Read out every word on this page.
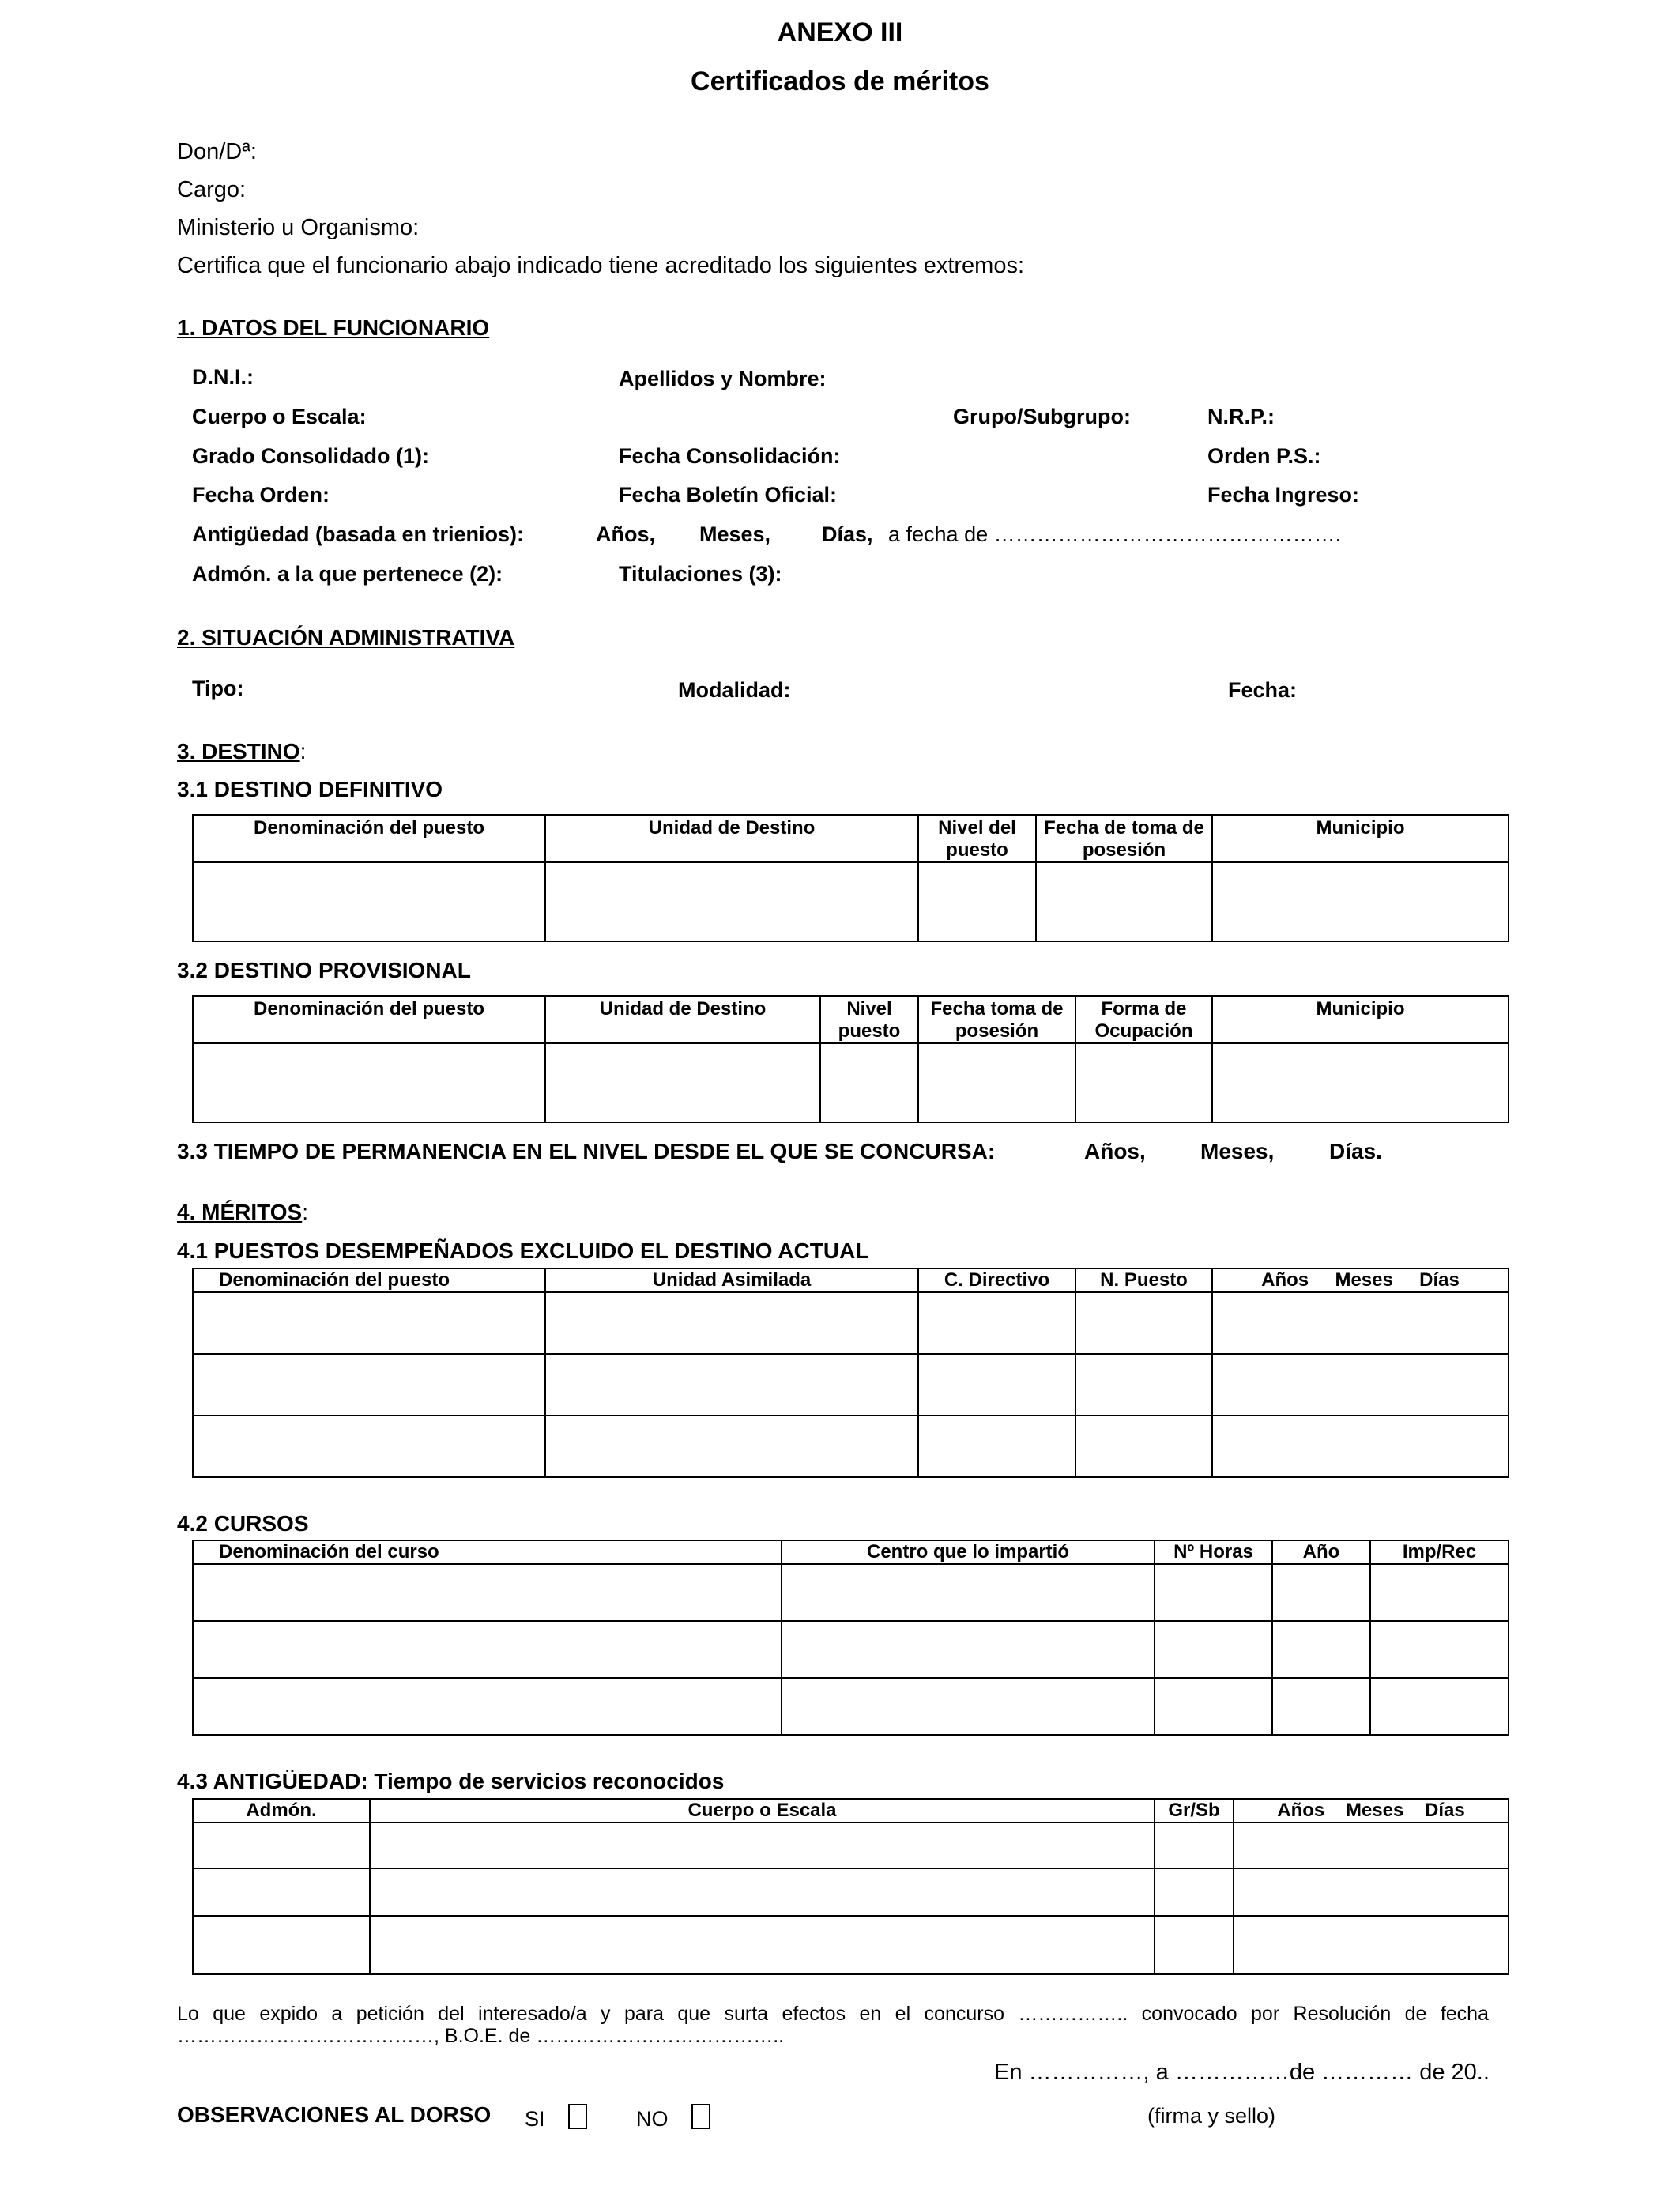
ANEXO III
Certificados de méritos
Don/Dª:
Cargo:
Ministerio u Organismo:
Certifica que el funcionario abajo indicado tiene acreditado los siguientes extremos:
1. DATOS DEL FUNCIONARIO
D.N.I.:	Apellidos y Nombre:
Cuerpo o Escala:	Grupo/Subgrupo:	N.R.P.:
Grado Consolidado (1):	Fecha Consolidación:	Orden P.S.:
Fecha Orden:	Fecha Boletín Oficial:	Fecha Ingreso:
Antigüedad (basada en trienios):	Años, Meses, Días, a fecha de ………………………………………….
Admón. a la que pertenece (2):	Titulaciones (3):
2. SITUACIÓN ADMINISTRATIVA
Tipo:	Modalidad:	Fecha:
3. DESTINO:
3.1 DESTINO DEFINITIVO
Denominación del puesto	Unidad de Destino	Nivel del puesto	Fecha de toma de posesión	Municipio

3.2 DESTINO PROVISIONAL
Denominación del puesto	Unidad de Destino	Nivel puesto	Fecha toma de posesión	Forma de Ocupación	Municipio

3.3 TIEMPO DE PERMANENCIA EN EL NIVEL DESDE EL QUE SE CONCURSA:	Años, Meses, Días.
4. MÉRITOS:
4.1 PUESTOS DESEMPEÑADOS EXCLUIDO EL DESTINO ACTUAL
Denominación del puesto	Unidad Asimilada	C. Directivo	N. Puesto	Años     Meses     Días

4.2 CURSOS
Denominación del curso	Centro que lo impartió	Nº Horas	Año	Imp/Rec

4.3 ANTIGÜEDAD: Tiempo de servicios reconocidos
Admón.	Cuerpo o Escala	Gr/Sb	Años    Meses    Días

Lo que expido a petición del interesado/a y para que surta efectos en el concurso …………….. convocado por Resolución de fecha
…………………………………, B.O.E. de ………………………………..
En ……………, a ……………de ………… de 20..
OBSERVACIONES AL DORSO SI	NO	(firma y sello)
